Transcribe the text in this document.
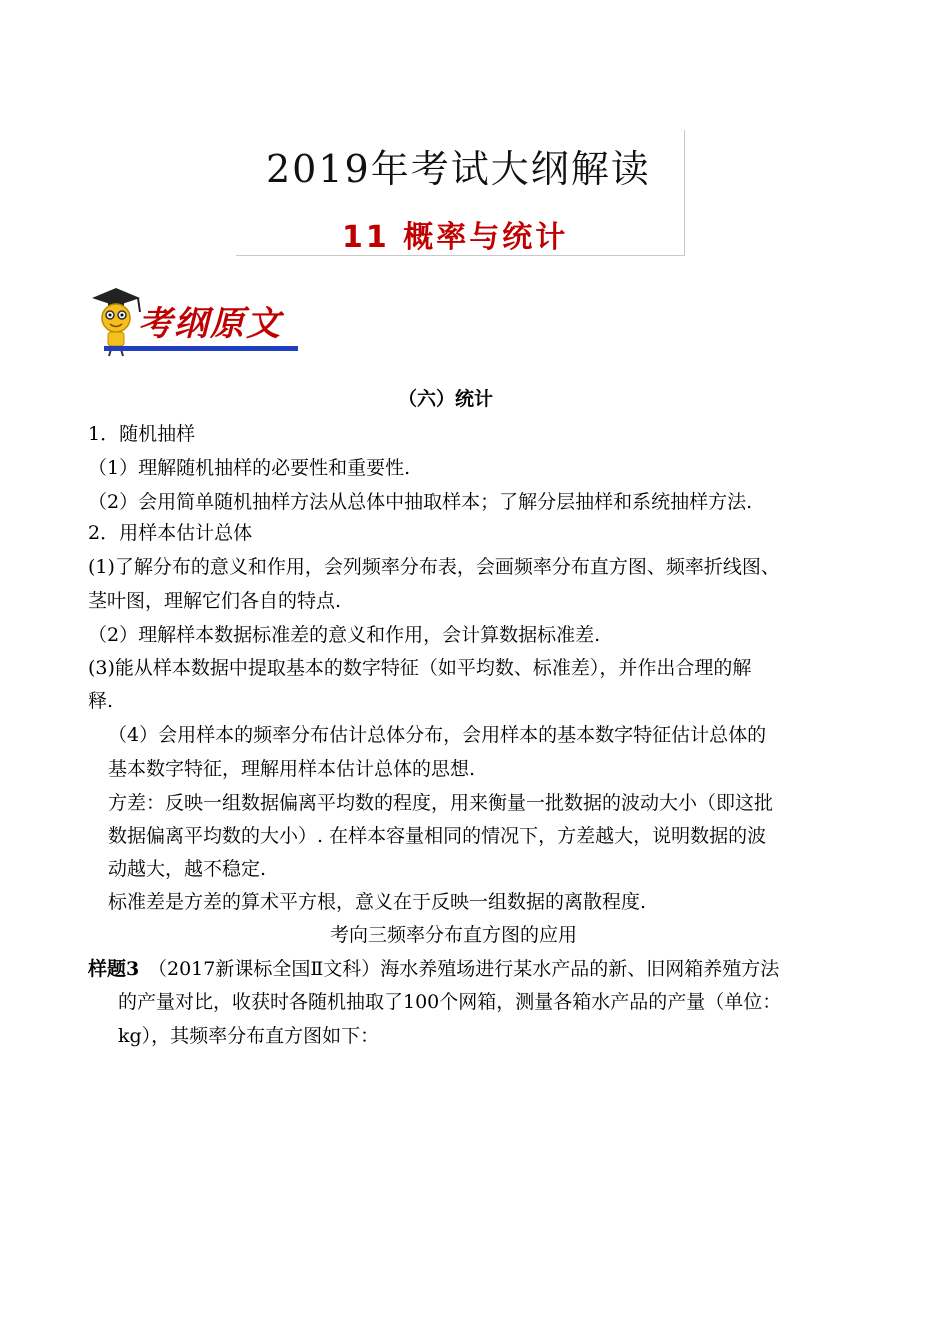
2019年考试大纲解读
11 概率与统计
考纲原文
（六）统计
1．随机抽样
（1）理解随机抽样的必要性和重要性.
（2）会用简单随机抽样方法从总体中抽取样本；了解分层抽样和系统抽样方法.
2．用样本估计总体
(1)了解分布的意义和作用，会列频率分布表，会画频率分布直方图、频率折线图、
茎叶图，理解它们各自的特点.
（2）理解样本数据标准差的意义和作用，会计算数据标准差.
(3)能从样本数据中提取基本的数字特征（如平均数、标准差），并作出合理的解
释.
（4）会用样本的频率分布估计总体分布，会用样本的基本数字特征估计总体的
基本数字特征，理解用样本估计总体的思想.
方差：反映一组数据偏离平均数的程度，用来衡量一批数据的波动大小（即这批
数据偏离平均数的大小）. 在样本容量相同的情况下，方差越大，说明数据的波
动越大，越不稳定.
标准差是方差的算术平方根，意义在于反映一组数据的离散程度.
考向三频率分布直方图的应用
样题3 （2017新课标全国Ⅱ文科）海水养殖场进行某水产品的新、旧网箱养殖方法
的产量对比，收获时各随机抽取了100个网箱，测量各箱水产品的产量（单位：
kg），其频率分布直方图如下：
